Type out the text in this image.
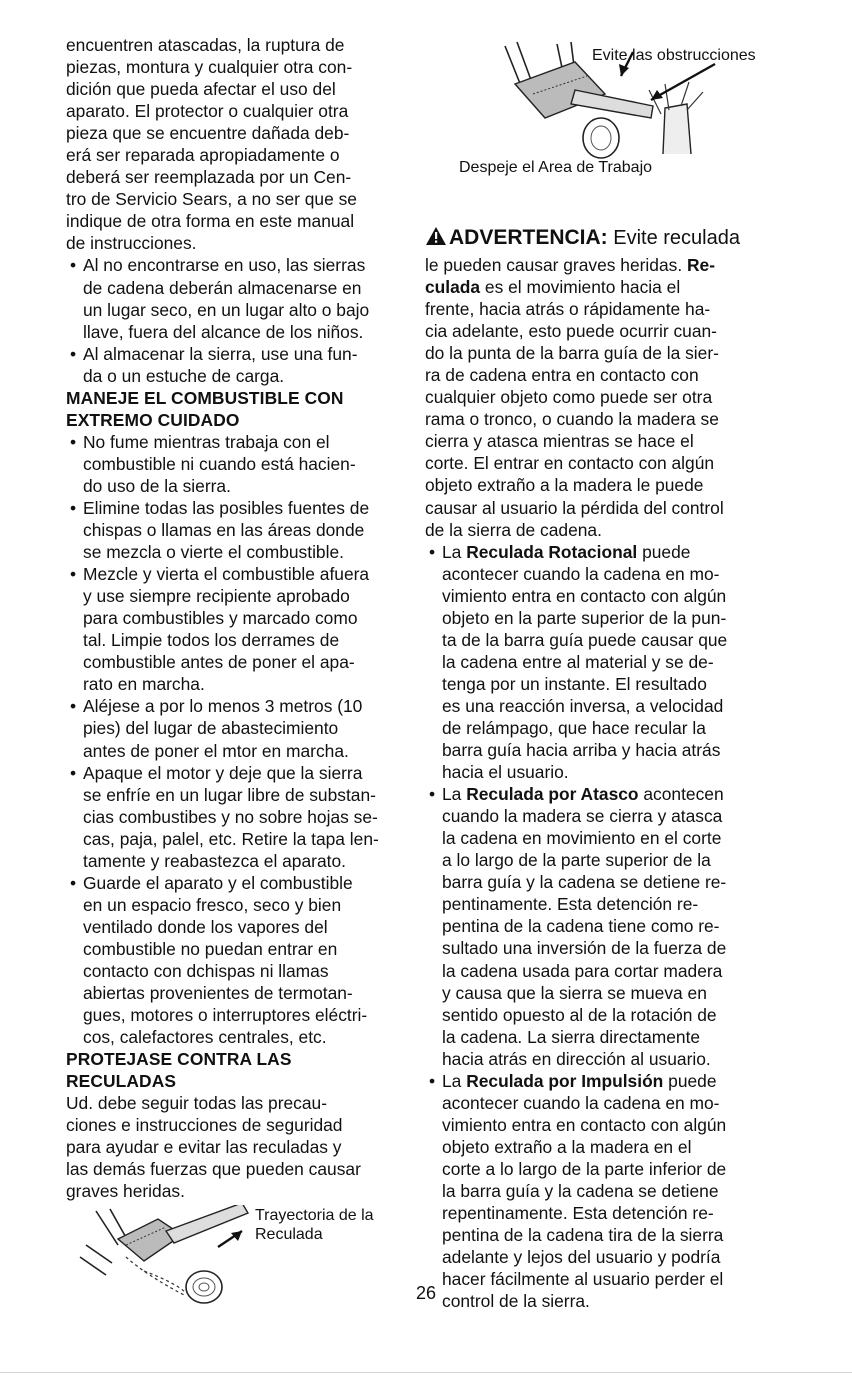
encuentren atascadas, la ruptura de

piezas, montura y cualquier otra con-

dición que pueda afectar el uso del

aparato. El protector o cualquier otra

pieza que se encuentre dañada deb-

erá ser reparada apropiadamente o

deberá ser reemplazada por un Cen-

tro de Servicio Sears, a no ser que se

indique de otra forma en este manual

de instrucciones.

• Al no encontrarse en uso, las sierras
de cadena deberán almacenarse en
un lugar seco, en un lugar alto o bajo
llave, fuera del alcance de los niños.
• Al almacenar la sierra, use una fun-
da o un estuche de carga.
MANEJE EL COMBUSTIBLE CON
EXTREMO CUIDADO
• No fume mientras trabaja con el
combustible ni cuando está hacien-
do uso de la sierra.
• Elimine todas las posibles fuentes de
chispas o llamas en las áreas donde
se mezcla o vierte el combustible.
• Mezcle y vierta el combustible afuera
y use siempre recipiente aprobado
para combustibles y marcado como
tal. Limpie todos los derrames de
combustible antes de poner el apa-
rato en marcha.
• Aléjese a por lo menos 3 metros (10
pies) del lugar de abastecimiento
antes de poner el mtor en marcha.
• Apaque el motor y deje que la sierra
se enfríe en un lugar libre de substan-
cias combustibes y no sobre hojas se-
cas, paja, palel, etc. Retire la tapa len-
tamente y reabastezca el aparato.
• Guarde el aparato y el combustible
en un espacio fresco, seco y bien
ventilado donde los vapores del
combustible no puedan entrar en
contacto con dchispas ni llamas
abiertas provenientes de termotan-
gues, motores o interruptores eléctri-
cos, calefactores centrales, etc.
PROTEJASE CONTRA LAS
RECULADAS

Ud. debe seguir todas las precau-

ciones e instrucciones de seguridad

para ayudar e evitar las reculadas y

las demás fuerzas que pueden causar

graves heridas.

Trayectoria de la
Reculada
Evite las obstrucciones
Despeje el Area de Trabajo
ADVERTENCIA: Evite reculada

le pueden causar graves heridas. Re-

culada es el movimiento hacia el

frente, hacia atrás o rápidamente ha-

cia adelante, esto puede ocurrir cuan-

do la punta de la barra guía de la sier-

ra de cadena entra en contacto con

cualquier objeto como puede ser otra

rama o tronco, o cuando la madera se

cierra y atasca mientras se hace el

corte. El entrar en contacto con algún

objeto extraño a la madera le puede

causar al usuario la pérdida del control

de la sierra de cadena.

• La Reculada Rotacional puede
acontecer cuando la cadena en mo-
vimiento entra en contacto con algún
objeto en la parte superior de la pun-
ta de la barra guía puede causar que
la cadena entre al material y se de-
tenga por un instante. El resultado
es una reacción inversa, a velocidad
de relámpago, que hace recular la
barra guía hacia arriba y hacia atrás
hacia el usuario.
• La Reculada por Atasco acontecen
cuando la madera se cierra y atasca
la cadena en movimiento en el corte
a lo largo de la parte superior de la
barra guía y la cadena se detiene re-
pentinamente. Esta detención re-
pentina de la cadena tiene como re-
sultado una inversión de la fuerza de
la cadena usada para cortar madera
y causa que la sierra se mueva en
sentido opuesto al de la rotación de
la cadena. La sierra directamente
hacia atrás en dirección al usuario.
• La Reculada por Impulsión puede
acontecer cuando la cadena en mo-
vimiento entra en contacto con algún
objeto extraño a la madera en el
corte a lo largo de la parte inferior de
la barra guía y la cadena se detiene
repentinamente. Esta detención re-
pentina de la cadena tira de la sierra
adelante y lejos del usuario y podría
hacer fácilmente al usuario perder el
control de la sierra.
26
